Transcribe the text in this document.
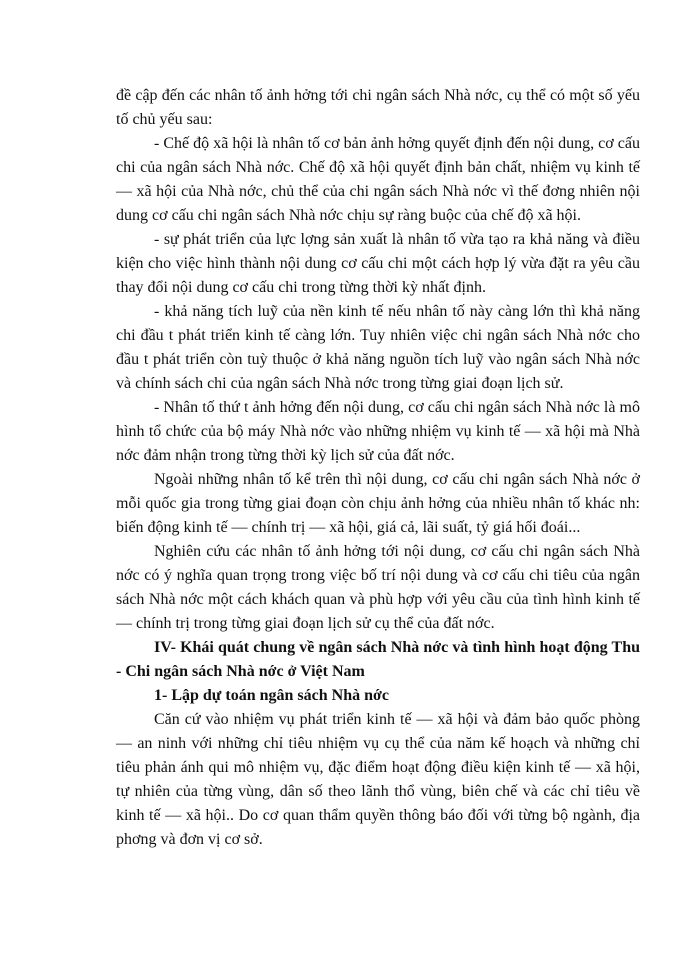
đề cập đến các nhân tố ảnh hởng tới chi ngân sách Nhà nớc, cụ thể có một số yếu tố chủ yếu sau:

- Chế độ xã hội là nhân tố cơ bản ảnh hởng quyết định đến nội dung, cơ cấu chi của ngân sách Nhà nớc. Chế độ xã hội quyết định bản chất, nhiệm vụ kinh tế — xã hội của Nhà nớc, chủ thể của chi ngân sách Nhà nớc vì thế đơng nhiên nội dung cơ cấu chi ngân sách Nhà nớc chịu sự ràng buộc của chế độ xã hội.

- sự phát triển của lực lợng sản xuất là nhân tố vừa tạo ra khả năng và điều kiện cho việc hình thành nội dung cơ cấu chi một cách hợp lý vừa đặt ra yêu cầu thay đổi nội dung cơ cấu chi trong từng thời kỳ nhất định.

- khả năng tích luỹ của nền kinh tế nếu nhân tố này càng lớn thì khả năng chi đầu t phát triển kinh tế càng lớn. Tuy nhiên việc chi ngân sách Nhà nớc cho đầu t phát triển còn tuỳ thuộc ở khả năng nguồn tích luỹ vào ngân sách Nhà nớc và chính sách chi của ngân sách Nhà nớc trong từng giai đoạn lịch sử.

- Nhân tố thứ t ảnh hởng đến nội dung, cơ cấu chi ngân sách Nhà nớc là mô hình tổ chức của bộ máy Nhà nớc vào những nhiệm vụ kinh tế — xã hội mà Nhà nớc đảm nhận trong từng thời kỳ lịch sử của đất nớc.

Ngoài những nhân tố kể trên thì nội dung, cơ cấu chi ngân sách Nhà nớc ở mỗi quốc gia trong từng giai đoạn còn chịu ảnh hởng của nhiều nhân tố khác nh: biến động kinh tế — chính trị — xã hội, giá cả, lãi suất, tỷ giá hối đoái...

Nghiên cứu các nhân tố ảnh hởng tới nội dung, cơ cấu chi ngân sách Nhà nớc có ý nghĩa quan trọng trong việc bố trí nội dung và cơ cấu chi tiêu của ngân sách Nhà nớc một cách khách quan và phù hợp với yêu cầu của tình hình kinh tế — chính trị trong từng giai đoạn lịch sử cụ thể của đất nớc.

IV- Khái quát chung về ngân sách Nhà nớc và tình hình hoạt động Thu - Chi ngân sách Nhà nớc ở Việt Nam

1- Lập dự toán ngân sách Nhà nớc

Căn cứ vào nhiệm vụ phát triển kinh tế — xã hội và đảm bảo quốc phòng — an ninh với những chỉ tiêu nhiệm vụ cụ thể của năm kế hoạch và những chỉ tiêu phản ánh qui mô nhiệm vụ, đặc điểm hoạt động điều kiện kinh tế — xã hội, tự nhiên của từng vùng, dân số theo lãnh thổ vùng, biên chế và các chỉ tiêu về kinh tế — xã hội.. Do cơ quan thẩm quyền thông báo đối với từng bộ ngành, địa phơng và đơn vị cơ sở.
